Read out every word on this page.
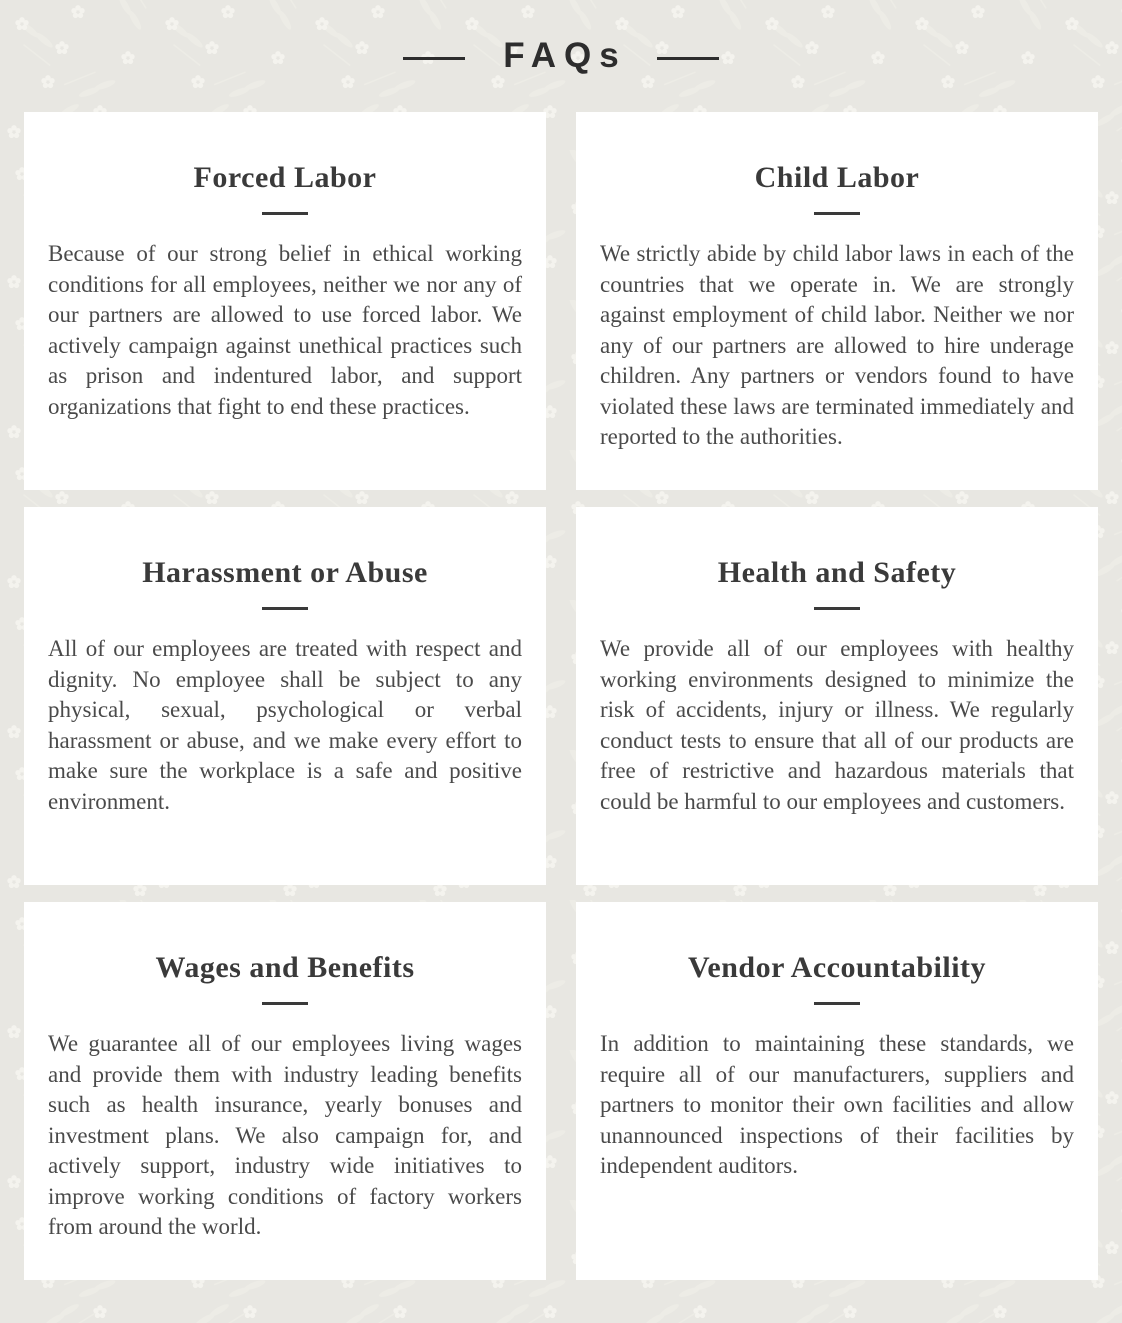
FAQs
Forced Labor

Because of our strong belief in ethical working conditions for all employees, neither we nor any of our partners are allowed to use forced labor. We actively campaign against unethical practices such as prison and indentured labor, and support organizations that fight to end these practices.

Child Labor

We strictly abide by child labor laws in each of the countries that we operate in. We are strongly against employment of child labor. Neither we nor any of our partners are allowed to hire underage children. Any partners or vendors found to have violated these laws are terminated immediately and reported to the authorities.

Harassment or Abuse

All of our employees are treated with respect and dignity. No employee shall be subject to any physical, sexual, psychological or verbal harassment or abuse, and we make every effort to make sure the workplace is a safe and positive environment.

Health and Safety

We provide all of our employees with healthy working environments designed to minimize the risk of accidents, injury or illness. We regularly conduct tests to ensure that all of our products are free of restrictive and hazardous materials that could be harmful to our employees and customers.

Wages and Benefits

We guarantee all of our employees living wages and provide them with industry leading benefits such as health insurance, yearly bonuses and investment plans. We also campaign for, and actively support, industry wide initiatives to improve working conditions of factory workers from around the world.

Vendor Accountability

In addition to maintaining these standards, we require all of our manufacturers, suppliers and partners to monitor their own facilities and allow unannounced inspections of their facilities by independent auditors.
